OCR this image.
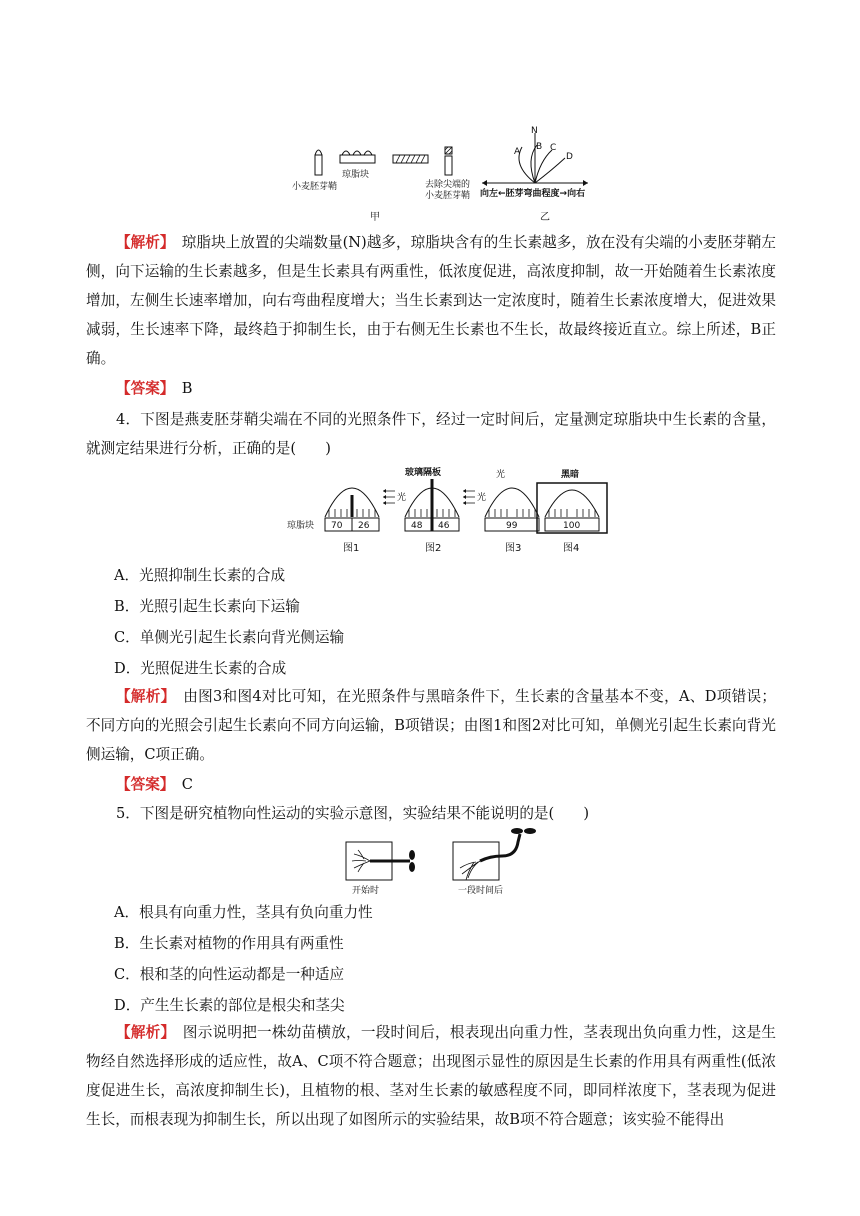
小麦胚芽鞘
琼脂块
去除尖端的
小麦胚芽鞘
甲
N
A B C
D
向左←胚芽弯曲程度→向右
乙

【解析】　 琼脂块上放置的尖端数量(N)越多，琼脂块含有的生长素越多，放在没有尖端的小麦胚芽鞘左侧，向下运输的生长素越多，但是生长素具有两重性，低浓度促进，高浓度抑制，故一开始随着生长素浓度增加，左侧生长速率增加，向右弯曲程度增大；当生长素到达一定浓度时，随着生长素浓度增大，促进效果减弱，生长速率下降，最终趋于抑制生长，由于右侧无生长素也不生长，故最终接近直立。综上所述，B正确。

【答案】　 B

4．下图是燕麦胚芽鞘尖端在不同的光照条件下，经过一定时间后，定量测定琼脂块中生长素的含量，就测定结果进行分析，正确的是(　　)

光
琼脂块 70 26
图1
玻璃隔板
光
48 46
图2
光
99
图3
黑暗
100
图4

A．光照抑制生长素的合成

B．光照引起生长素向下运输

C．单侧光引起生长素向背光侧运输

D．光照促进生长素的合成

【解析】　 由图3和图4对比可知，在光照条件与黑暗条件下，生长素的含量基本不变，A、D项错误；不同方向的光照会引起生长素向不同方向运输，B项错误；由图1和图2对比可知，单侧光引起生长素向背光侧运输，C项正确。

【答案】　 C

5．下图是研究植物向性运动的实验示意图，实验结果不能说明的是(　　)

开始时	一段时间后

A．根具有向重力性，茎具有负向重力性

B．生长素对植物的作用具有两重性

C．根和茎的向性运动都是一种适应

D．产生生长素的部位是根尖和茎尖

【解析】　 图示说明把一株幼苗横放，一段时间后，根表现出向重力性，茎表现出负向重力性，这是生物经自然选择形成的适应性，故A、C项不符合题意；出现图示显性的原因是生长素的作用具有两重性(低浓度促进生长，高浓度抑制生长)，且植物的根、茎对生长素的敏感程度不同，即同样浓度下，茎表现为促进生长，而根表现为抑制生长，所以出现了如图所示的实验结果，故B项不符合题意；该实验不能得出
